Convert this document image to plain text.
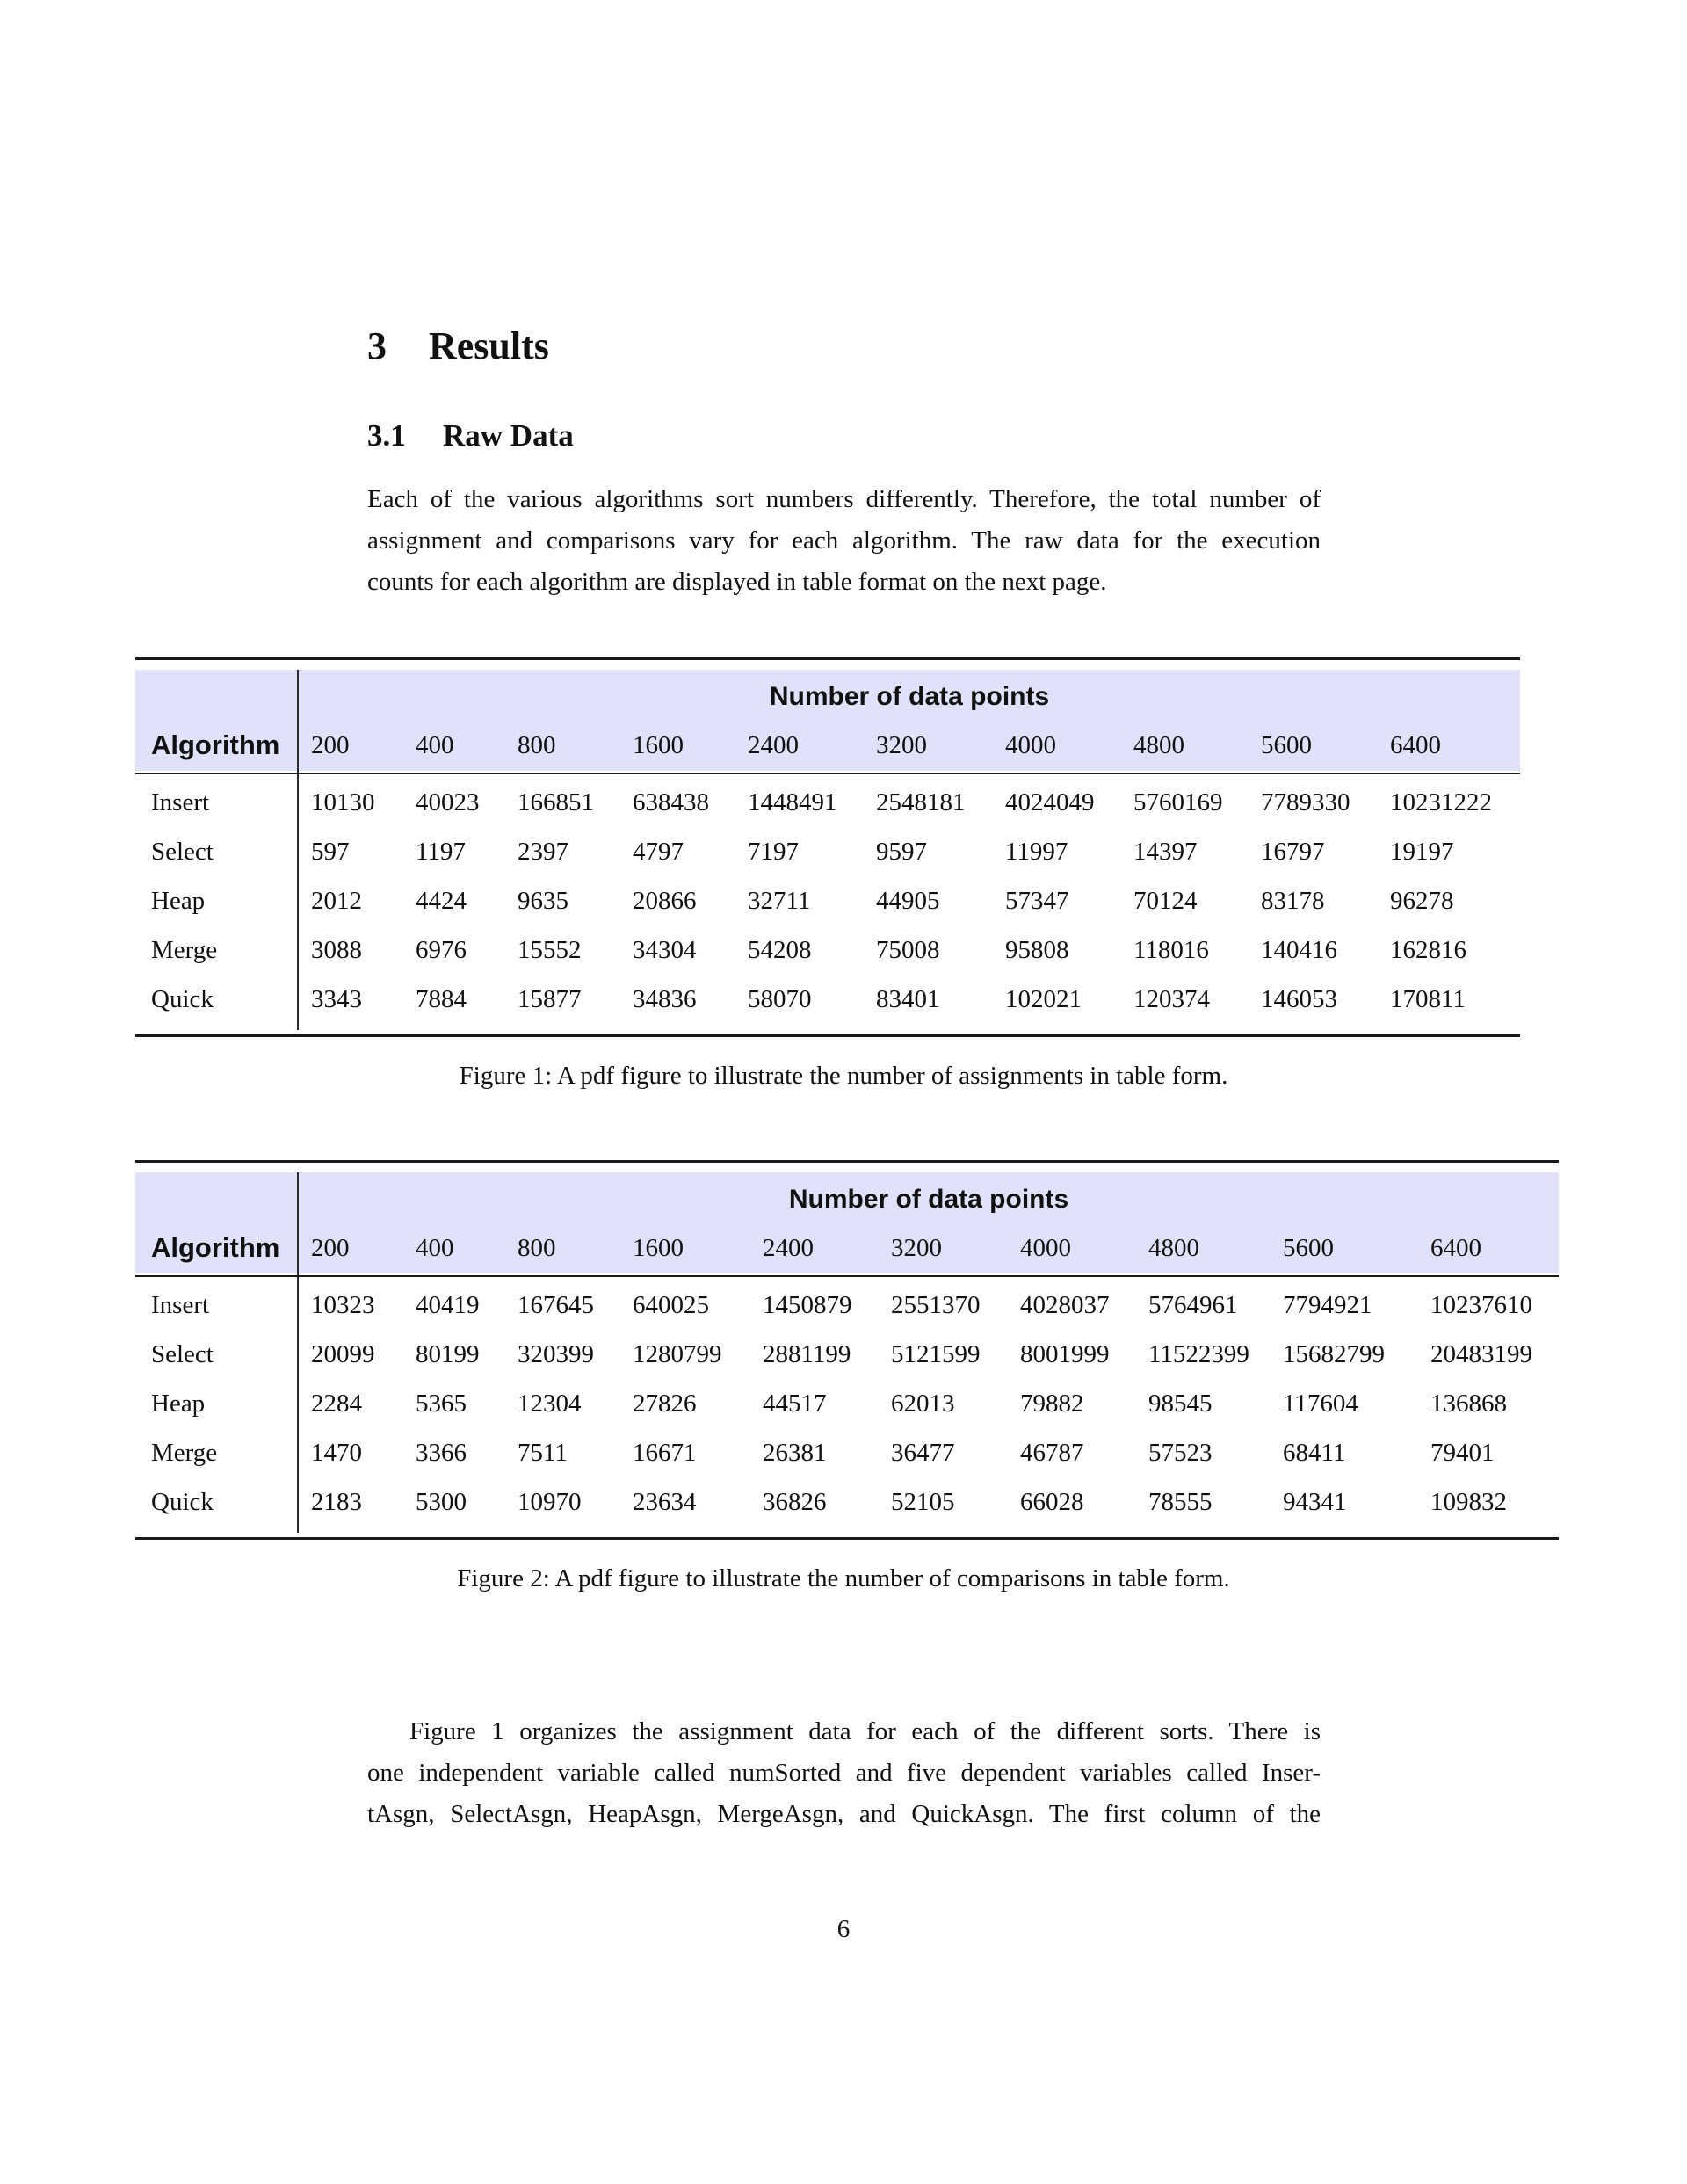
3 Results
3.1 Raw Data

Each of the various algorithms sort numbers differently. Therefore, the total number of
assignment and comparisons vary for each algorithm. The raw data for the execution
counts for each algorithm are displayed in table format on the next page.

Number of data points
Algorithm 200	400	800	1600	2400	3200	4000	4800	5600	6400
Insert	10130 40023 166851 638438 1448491 2548181 4024049 5760169 7789330 10231222
Select	597	1197 2397	4797	7197	9597	11997	14397	16797	19197
Heap	2012 4424 9635	20866 32711	44905	57347	70124	83178	96278
Merge	3088 6976 15552 34304 54208	75008	95808	118016 140416 162816
Quick	3343 7884 15877 34836 58070	83401	102021 120374 146053 170811

Figure 1: A pdf figure to illustrate the number of assignments in table form.

Number of data points
Algorithm 200	400	800	1600	2400	3200	4000	4800	5600	6400
Insert	10323 40419 167645 640025 1450879 2551370 4028037 5764961 7794921 10237610
Select	20099 80199 320399 1280799 2881199 5121599 8001999 11522399 15682799 20483199
Heap	2284 5365 12304 27826	44517	62013	79882	98545	117604	136868
Merge	1470 3366 7511	16671	26381	36477	46787	57523	68411	79401
Quick	2183 5300 10970 23634	36826	52105	66028	78555	94341	109832

Figure 2: A pdf figure to illustrate the number of comparisons in table form.

Figure 1 organizes the assignment data for each of the different sorts. There is
one independent variable called numSorted and five dependent variables called Inser-
tAsgn, SelectAsgn, HeapAsgn, MergeAsgn, and QuickAsgn. The first column of the

6
